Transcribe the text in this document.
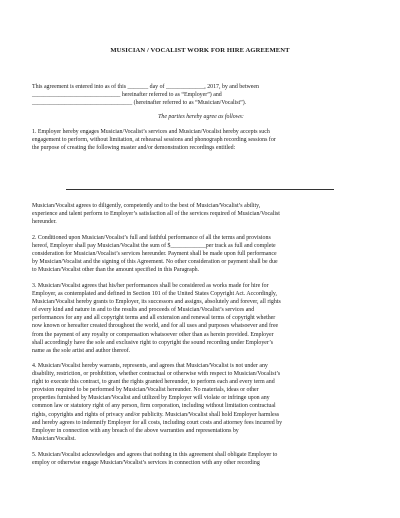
MUSICIAN / VOCALIST WORK FOR HIRE AGREEMENT
This agreement is entered into as of this _______ day of _____________, 2017, by and between
______________________________ hereinafter referred to as “Employer”) and
__________________________________ (hereinafter referred to as “Musician/Vocalist”).
The parties hereby agree as follows:
1. Employer hereby engages Musician/Vocalist’s services and Musician/Vocalist hereby accepts such
engagement to perform, without limitation, at rehearsal sessions and phonograph recording sessions for
the purpose of creating the following master and/or demonstration recordings entitled:
Musician/Vocalist agrees to diligently, competently and to the best of Musician/Vocalist’s ability,
experience and talent perform to Employer’s satisfaction all of the services required of Musician/Vocalist
hereunder.
2. Conditioned upon Musician/Vocalist’s full and faithful performance of all the terms and provisions
hereof, Employer shall pay Musician/Vocalist the sum of $____________per track as full and complete
consideration for Musician/Vocalist’s services hereunder. Payment shall be made upon full performance
by Musician/Vocalist and the signing of this Agreement. No other consideration or payment shall be due
to Musician/Vocalist other than the amount specified in this Paragraph.
3. Musician/Vocalist agrees that his/her performances shall be considered as works made for hire for
Employer, as contemplated and defined in Section 101 of the United States Copyright Act. Accordingly,
Musician/Vocalist hereby grants to Employer, its successors and assigns, absolutely and forever, all rights
of every kind and nature in and to the results and proceeds of Musician/Vocalist’s services and
performances for any and all copyright terms and all extension and renewal terms of copyright whether
now known or hereafter created throughout the world, and for all uses and purposes whatsoever and free
from the payment of any royalty or compensation whatsoever other than as herein provided. Employer
shall accordingly have the sole and exclusive right to copyright the sound recording under Employer’s
name as the sole artist and author thereof.
4. Musician/Vocalist hereby warrants, represents, and agrees that Musician/Vocalist is not under any
disability, restriction, or prohibition, whether contractual or otherwise with respect to Musician/Vocalist’s
right to execute this contract, to grant the rights granted hereunder, to perform each and every term and
provision required to be performed by Musician/Vocalist hereunder. No materials, ideas or other
properties furnished by Musician/Vocalist and utilized by Employer will violate or infringe upon any
common law or statutory right of any person, firm corporation, including without limitation contractual
rights, copyrights and rights of privacy and/or publicity. Musician/Vocalist shall hold Employer harmless
and hereby agrees to indemnify Employer for all costs, including court costs and attorney fees incurred by
Employer in connection with any breach of the above warranties and representations by
Musician/Vocalist.
5. Musician/Vocalist acknowledges and agrees that nothing in this agreement shall obligate Employer to
employ or otherwise engage Musician/Vocalist’s services in connection with any other recording
